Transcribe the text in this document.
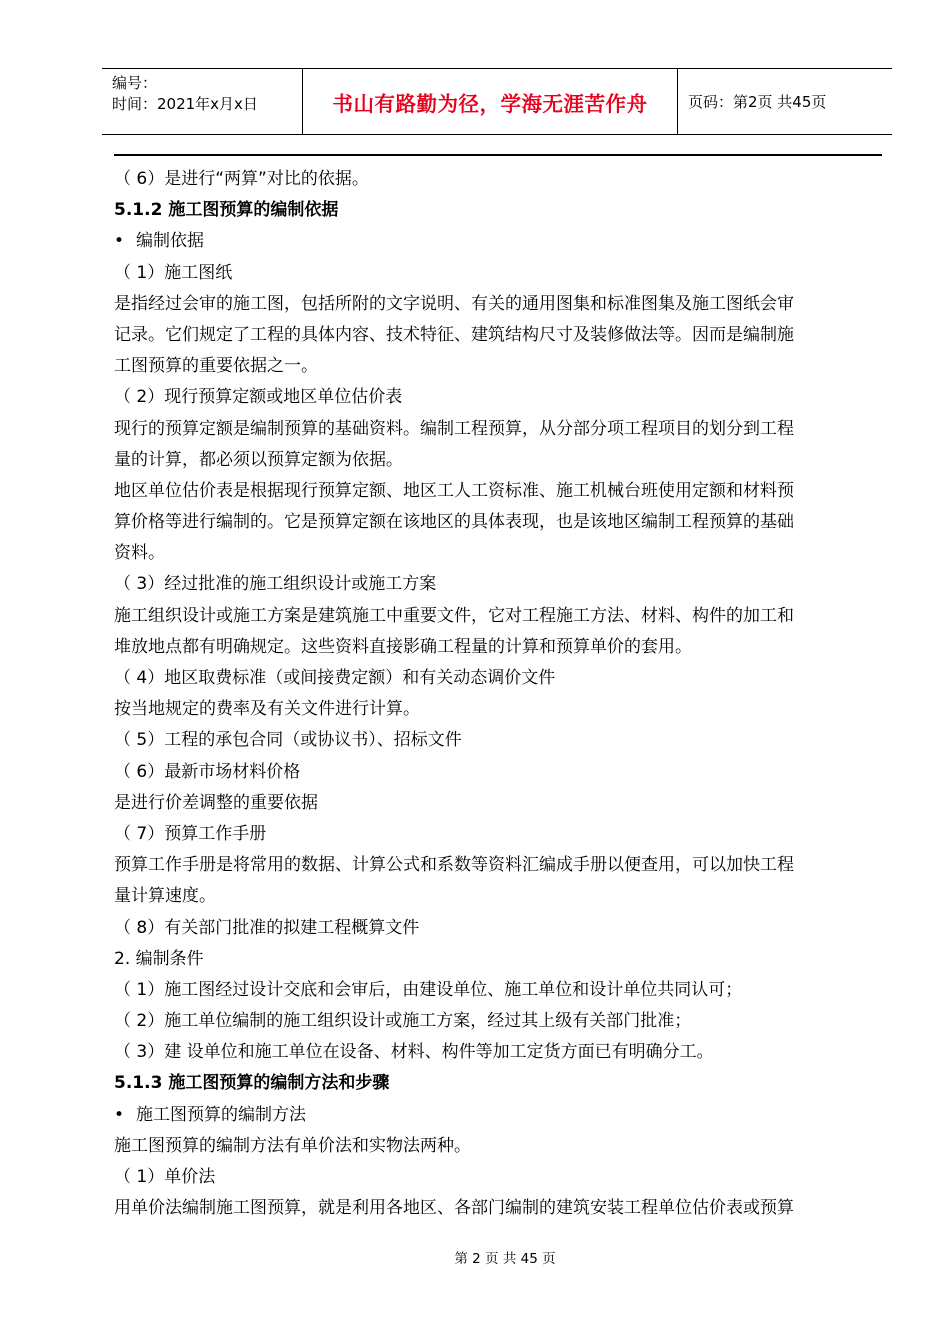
编号：
时间：2021年x月x日	书山有路勤为径，学海无涯苦作舟	页码：第2页 共45页
（ 6）是进行“两算”对比的依据。
5.1.2 施工图预算的编制依据
• 编制依据
（ 1）施工图纸
是指经过会审的施工图，包括所附的文字说明、有关的通用图集和标准图集及施工图纸会审
记录。它们规定了工程的具体内容、技术特征、建筑结构尺寸及装修做法等。因而是编制施
工图预算的重要依据之一。
（ 2）现行预算定额或地区单位估价表
现行的预算定额是编制预算的基础资料。编制工程预算，从分部分项工程项目的划分到工程
量的计算，都必须以预算定额为依据。
地区单位估价表是根据现行预算定额、地区工人工资标准、施工机械台班使用定额和材料预
算价格等进行编制的。它是预算定额在该地区的具体表现，也是该地区编制工程预算的基础
资料。
（ 3）经过批准的施工组织设计或施工方案
施工组织设计或施工方案是建筑施工中重要文件，它对工程施工方法、材料、构件的加工和
堆放地点都有明确规定。这些资料直接影确工程量的计算和预算单价的套用。
（ 4）地区取费标准（或间接费定额）和有关动态调价文件
按当地规定的费率及有关文件进行计算。
（ 5）工程的承包合同（或协议书）、招标文件
（ 6）最新市场材料价格
是进行价差调整的重要依据
（ 7）预算工作手册
预算工作手册是将常用的数据、计算公式和系数等资料汇编成手册以便查用，可以加快工程
量计算速度。
（ 8）有关部门批准的拟建工程概算文件
2. 编制条件
（ 1）施工图经过设计交底和会审后，由建设单位、施工单位和设计单位共同认可；
（ 2）施工单位编制的施工组织设计或施工方案，经过其上级有关部门批准；
（ 3）建 设单位和施工单位在设备、材料、构件等加工定货方面已有明确分工。
5.1.3 施工图预算的编制方法和步骤
• 施工图预算的编制方法
施工图预算的编制方法有单价法和实物法两种。
（ 1）单价法
用单价法编制施工图预算，就是利用各地区、各部门编制的建筑安装工程单位估价表或预算
第 2 页 共 45 页
